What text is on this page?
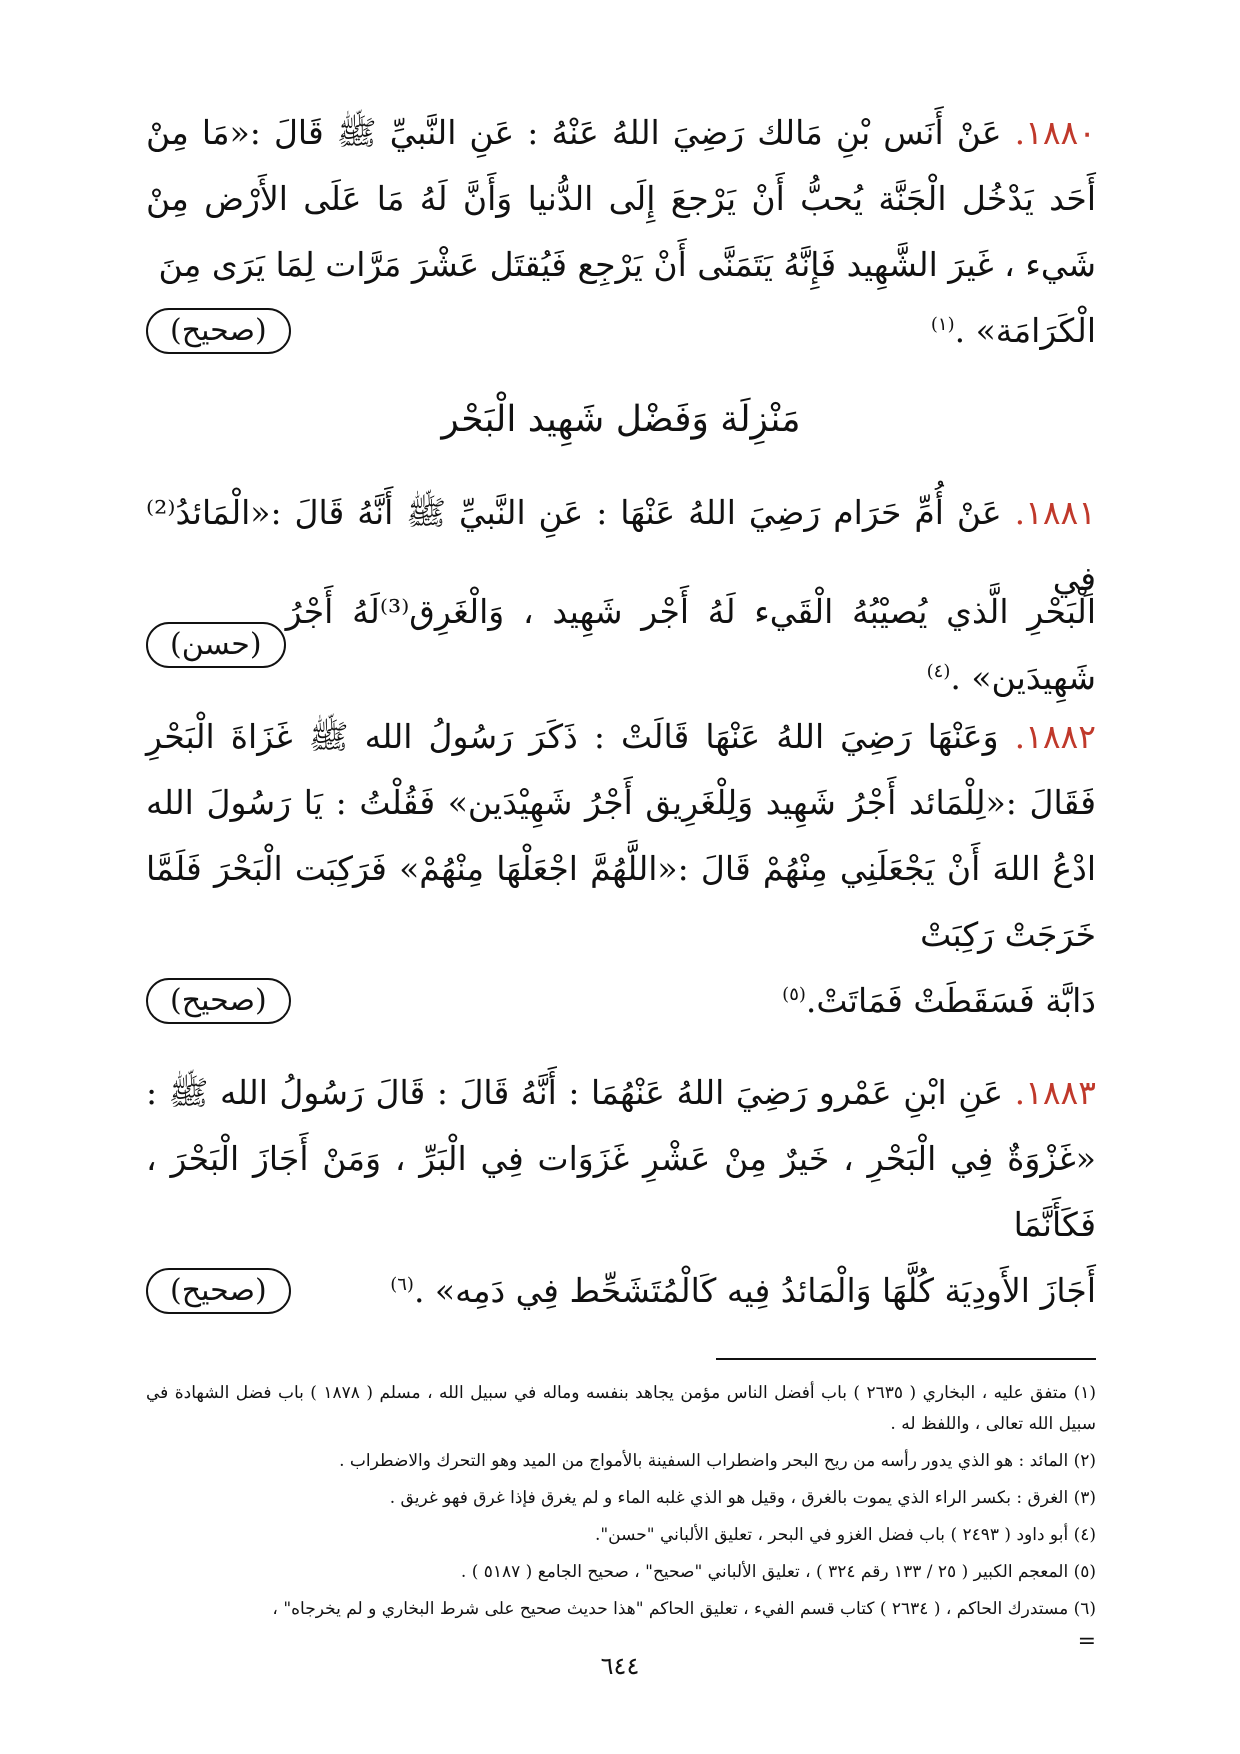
١٨٨٠. عَنْ أَنَس بْنِ مَالك رَضِيَ اللهُ عَنْهُ : عَنِ النَّبيِّ ﷺ قَالَ :«مَا مِنْ أَحَد يَدْخُل الْجَنَّة يُحبُّ أَنْ يَرْجعَ إِلَى الدُّنيا وَأَنَّ لَهُ مَا عَلَى الأَرْض مِنْ شَيء ، غَيرَ الشَّهِيد فَإِنَّهُ يَتَمَنَّى أَنْ يَرْجِع فَيُقتَل عَشْرَ مَرَّات لِمَا يَرَى مِنَ

الْكَرَامَة» .$^{(١)}$
(صحيح)
مَنْزِلَة وَفَضْل شَهِيد الْبَحْر

١٨٨١. عَنْ أُمِّ حَرَام رَضِيَ اللهُ عَنْهَا : عَنِ النَّبيِّ ﷺ أَنَّهُ قَالَ :«الْمَائدُ⁽²⁾فِي

الْبَحْرِ الَّذي يُصيْبُهُ الْقَيء لَهُ أَجْر شَهِيد ، وَالْغَرِق⁽³⁾لَهُ أَجْرُ شَهِيدَين» .$^{(٤)}$
(حسن)

١٨٨٢. وَعَنْهَا رَضِيَ اللهُ عَنْهَا قَالَتْ : ذَكَرَ رَسُولُ الله ﷺ غَزَاةَ الْبَحْرِ فَقَالَ :«لِلْمَائد أَجْرُ شَهِيد وَلِلْغَرِيق أَجْرُ شَهِيْدَين» فَقُلْتُ : يَا رَسُولَ الله ادْعُ اللهَ أَنْ يَجْعَلَنِي مِنْهُمْ قَالَ :«اللَّهُمَّ اجْعَلْهَا مِنْهُمْ» فَرَكِبَت الْبَحْرَ فَلَمَّا خَرَجَتْ رَكِبَتْ

دَابَّة فَسَقَطَتْ فَمَاتَتْ.$^{(٥)}$
(صحيح)

١٨٨٣. عَنِ ابْنِ عَمْرو رَضِيَ اللهُ عَنْهُمَا : أَنَّهُ قَالَ : قَالَ رَسُولُ الله ﷺ : «غَزْوَةٌ فِي الْبَحْرِ ، خَيرٌ مِنْ عَشْرِ غَزَوَات فِي الْبَرِّ ، وَمَنْ أَجَازَ الْبَحْرَ ، فَكَأَنَّمَا

أَجَازَ الأَودِيَة كُلَّهَا وَالْمَائدُ فِيه كَالْمُتَشَحِّط فِي دَمِه» .$^{(٦)}$
(صحيح)

(١) متفق عليه ، البخاري ( ٢٦٣٥ ) باب أفضل الناس مؤمن يجاهد بنفسه وماله في سبيل الله ، مسلم ( ١٨٧٨ ) باب فضل الشهادة في سبيل الله تعالى ، واللفظ له .

(٢) المائد : هو الذي يدور رأسه من ريح البحر واضطراب السفينة بالأمواج من الميد وهو التحرك والاضطراب .

(٣) الغرق : بكسر الراء الذي يموت بالغرق ، وقيل هو الذي غلبه الماء و لم يغرق فإذا غرق فهو غريق .

(٤) أبو داود ( ٢٤٩٣ ) باب فضل الغزو في البحر ، تعليق الألباني "حسن".

(٥) المعجم الكبير ( ٢٥ / ١٣٣ رقم ٣٢٤ ) ، تعليق الألباني "صحيح" ، صحيح الجامع ( ٥١٨٧ ) .

(٦) مستدرك الحاكم ، ( ٢٦٣٤ ) كتاب قسم الفيء ، تعليق الحاكم "هذا حديث صحيح على شرط البخاري و لم يخرجاه" ،

=
٦٤٤
